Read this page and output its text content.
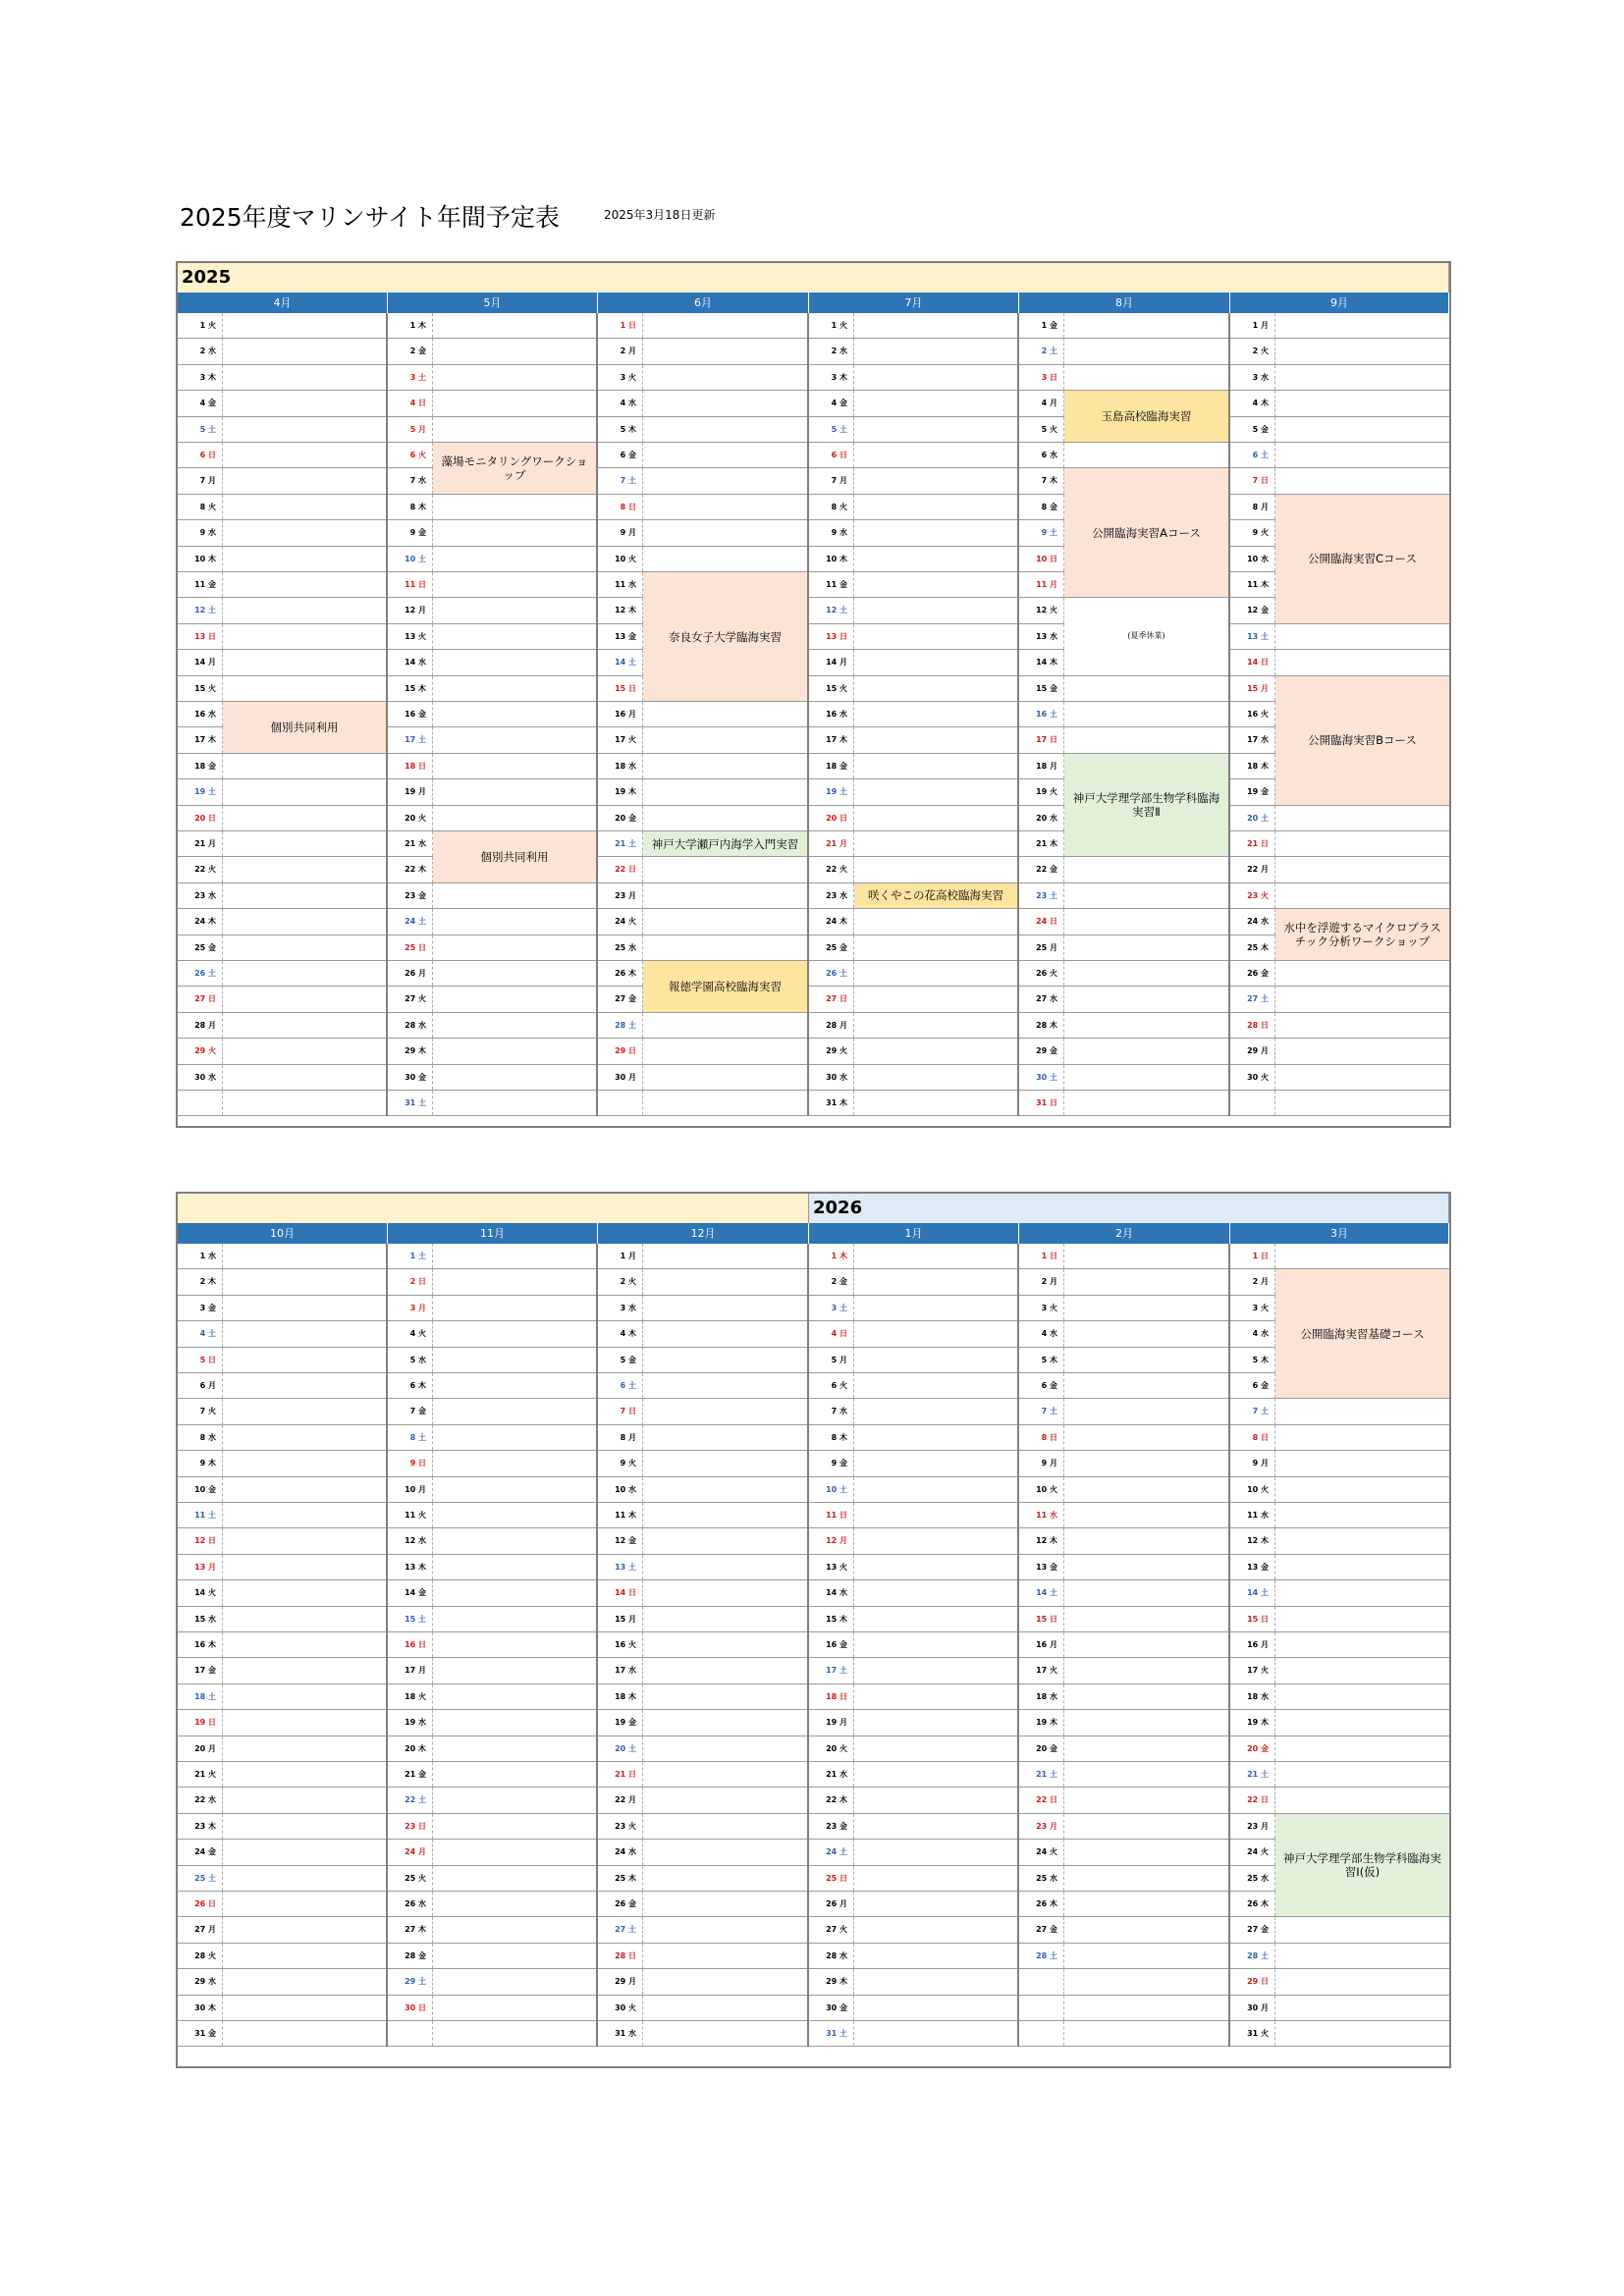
2025年度マリンサイト年間予定表	2025年3月18日更新
2025
4月
1 火
2 水
3 木
4 金
5 土
6 日
7 月
8 火
9 水
10 木
11 金
12 土
13 日
14 月
15 火
16 水
17 木
18 金
19 土
20 日
21 月
22 火
23 水
24 木
25 金
26 土
27 日
28 月
29 火
30 水
個別共同利用
5月
1 木
2 金
3 土
4 日
5 月
6 火
7 水
8 木
9 金
10 土
11 日
12 月
13 火
14 水
15 木
16 金
17 土
18 日
19 月
20 火
21 水
22 木
23 金
24 土
25 日
26 月
27 火
28 水
29 木
30 金
31 土
藻場モニタリングワークショップ
個別共同利用
6月
1 日
2 月
3 火
4 水
5 木
6 金
7 土
8 日
9 月
10 火
11 水
12 木
13 金
14 土
15 日
16 月
17 火
18 水
19 木
20 金
21 土
22 日
23 月
24 火
25 水
26 木
27 金
28 土
29 日
30 月
奈良女子大学臨海実習
神戸大学瀬戸内海学入門実習
報徳学園高校臨海実習
7月
1 火
2 水
3 木
4 金
5 土
6 日
7 月
8 火
9 水
10 木
11 金
12 土
13 日
14 月
15 火
16 水
17 木
18 金
19 土
20 日
21 月
22 火
23 水
24 木
25 金
26 土
27 日
28 月
29 火
30 水
31 木
咲くやこの花高校臨海実習
8月
1 金
2 土
3 日
4 月
5 火
6 水
7 木
8 金
9 土
10 日
11 月
12 火
13 水
14 木
15 金
16 土
17 日
18 月
19 火
20 水
21 木
22 金
23 土
24 日
25 月
26 火
27 水
28 木
29 金
30 土
31 日
玉島高校臨海実習
公開臨海実習Aコース
(夏季休業)
神戸大学理学部生物学科臨海実習Ⅱ
9月
1 月
2 火
3 水
4 木
5 金
6 土
7 日
8 月
9 火
10 水
11 木
12 金
13 土
14 日
15 月
16 火
17 水
18 木
19 金
20 土
21 日
22 月
23 火
24 水
25 木
26 金
27 土
28 日
29 月
30 火
公開臨海実習Cコース
公開臨海実習Bコース
水中を浮遊するマイクロプラスチック分析ワークショップ
2026
10月
1 水
2 木
3 金
4 土
5 日
6 月
7 火
8 水
9 木
10 金
11 土
12 日
13 月
14 火
15 水
16 木
17 金
18 土
19 日
20 月
21 火
22 水
23 木
24 金
25 土
26 日
27 月
28 火
29 水
30 木
31 金
11月
1 土
2 日
3 月
4 火
5 水
6 木
7 金
8 土
9 日
10 月
11 火
12 水
13 木
14 金
15 土
16 日
17 月
18 火
19 水
20 木
21 金
22 土
23 日
24 月
25 火
26 水
27 木
28 金
29 土
30 日
12月
1 月
2 火
3 水
4 木
5 金
6 土
7 日
8 月
9 火
10 水
11 木
12 金
13 土
14 日
15 月
16 火
17 水
18 木
19 金
20 土
21 日
22 月
23 火
24 水
25 木
26 金
27 土
28 日
29 月
30 火
31 水
1月
1 木
2 金
3 土
4 日
5 月
6 火
7 水
8 木
9 金
10 土
11 日
12 月
13 火
14 水
15 木
16 金
17 土
18 日
19 月
20 火
21 水
22 木
23 金
24 土
25 日
26 月
27 火
28 水
29 木
30 金
31 土
2月
1 日
2 月
3 火
4 水
5 木
6 金
7 土
8 日
9 月
10 火
11 水
12 木
13 金
14 土
15 日
16 月
17 火
18 水
19 木
20 金
21 土
22 日
23 月
24 火
25 水
26 木
27 金
28 土
3月
1 日
2 月
3 火
4 水
5 木
6 金
7 土
8 日
9 月
10 火
11 水
12 木
13 金
14 土
15 日
16 月
17 火
18 水
19 木
20 金
21 土
22 日
23 月
24 火
25 水
26 木
27 金
28 土
29 日
30 月
31 火
公開臨海実習基礎コース
神戸大学理学部生物学科臨海実習Ⅰ(仮)
